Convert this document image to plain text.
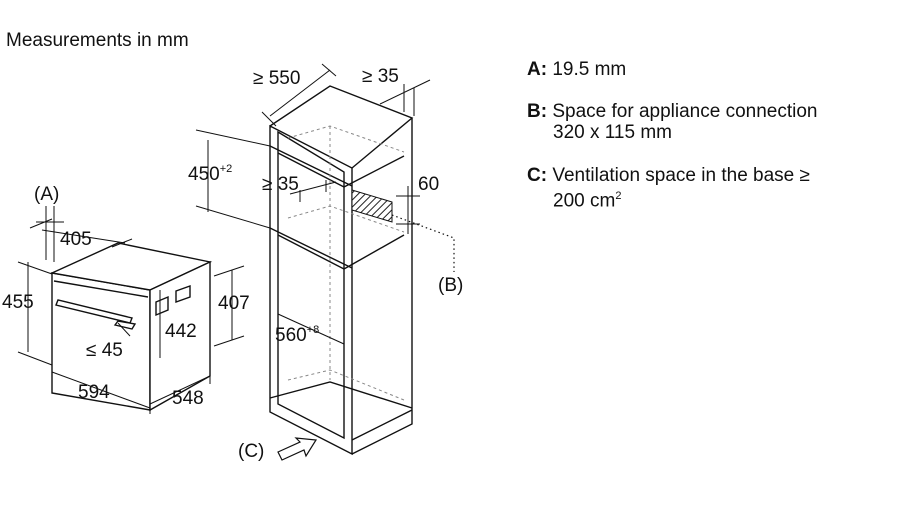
Measurements in mm
(A)
405
455
442
407
≤ 45
594	548
≥ 550	≥ 35
$450^{+2}$
≥ 35	60
$560^{+8}$
(B)
(C)
A: 19.5 mm
B: Space for appliance connection
320 x 115 mm
C: Ventilation space in the base ≥
200 $cm^2$
